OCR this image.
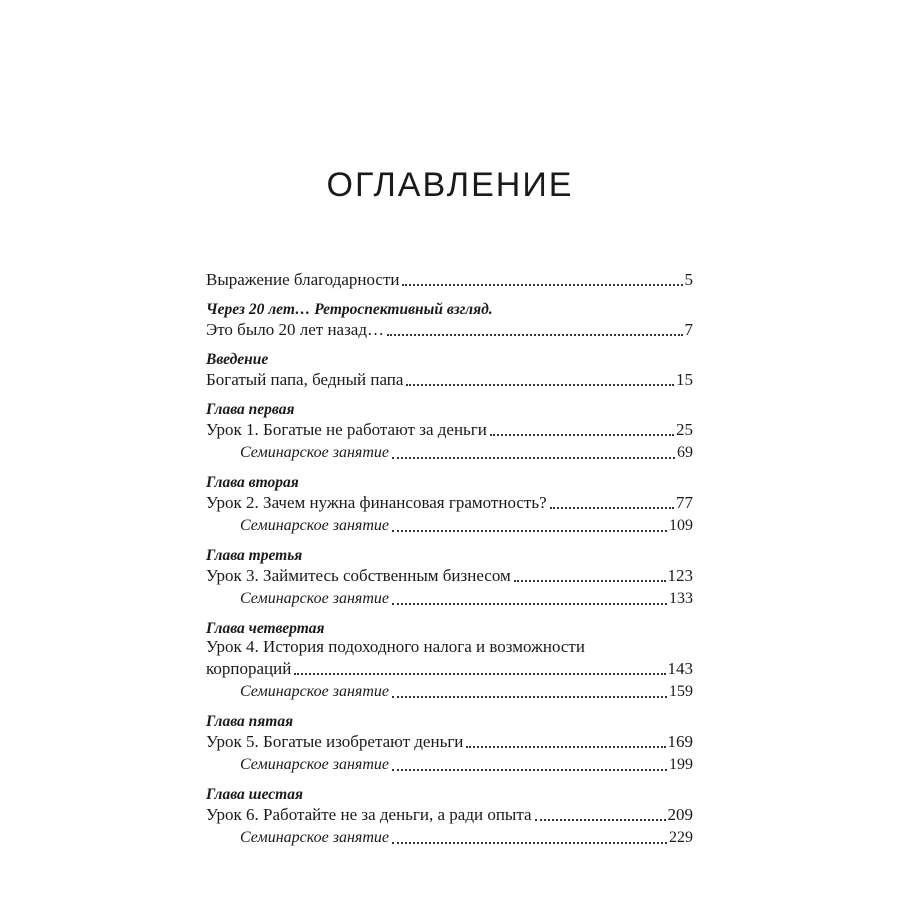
ОГЛАВЛЕНИЕ
Выражение благодарности	5
Через 20 лет… Ретроспективный взгляд.
Это было 20 лет назад…	7
Введение
Богатый папа, бедный папа	15
Глава первая
Урок 1. Богатые не работают за деньги	25
Семинарское занятие	69
Глава вторая
Урок 2. Зачем нужна финансовая грамотность?	77
Семинарское занятие	109
Глава третья
Урок 3. Займитесь собственным бизнесом	123
Семинарское занятие	133
Глава четвертая
Урок 4. История подоходного налога и возможности
корпораций	143
Семинарское занятие	159
Глава пятая
Урок 5. Богатые изобретают деньги	169
Семинарское занятие	199
Глава шестая
Урок 6. Работайте не за деньги, а ради опыта	209
Семинарское занятие	229
